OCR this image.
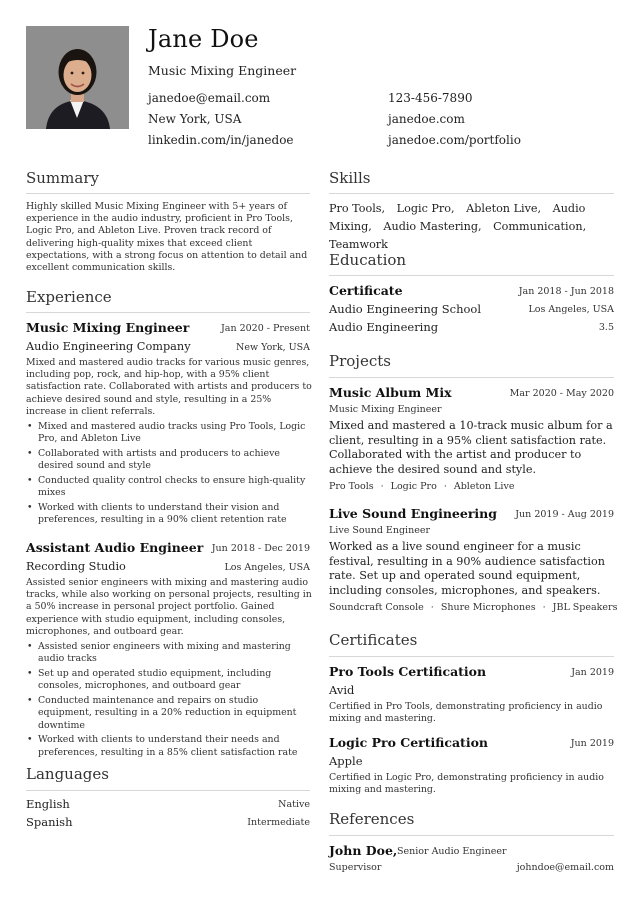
Jane Doe
Music Mixing Engineer
janedoe@email.com	123-456-7890
New York, USA	janedoe.com
linkedin.com/in/janedoe	janedoe.com/portfolio
Summary
Highly skilled Music Mixing Engineer with 5+ years of experience in the audio industry, proficient in Pro Tools, Logic Pro, and Ableton Live. Proven track record of delivering high-quality mixes that exceed client expectations, with a strong focus on attention to detail and excellent communication skills.
Experience
Music Mixing Engineer	Jan 2020 - Present
Audio Engineering Company	New York, USA
Mixed and mastered audio tracks for various music genres, including pop, rock, and hip-hop, with a 95% client satisfaction rate. Collaborated with artists and producers to achieve desired sound and style, resulting in a 25% increase in client referrals.
• Mixed and mastered audio tracks using Pro Tools, Logic Pro, and Ableton Live
• Collaborated with artists and producers to achieve desired sound and style
• Conducted quality control checks to ensure high-quality mixes
• Worked with clients to understand their vision and preferences, resulting in a 90% client retention rate
Assistant Audio Engineer Jun 2018 - Dec 2019
Recording Studio	Los Angeles, USA
Assisted senior engineers with mixing and mastering audio tracks, while also working on personal projects, resulting in a 50% increase in personal project portfolio. Gained experience with studio equipment, including consoles, microphones, and outboard gear.
• Assisted senior engineers with mixing and mastering audio tracks
• Set up and operated studio equipment, including consoles, microphones, and outboard gear
• Conducted maintenance and repairs on studio equipment, resulting in a 20% reduction in equipment downtime
• Worked with clients to understand their needs and preferences, resulting in a 85% client satisfaction rate
Languages
English	Native
Spanish	Intermediate
Skills
Pro Tools, Logic Pro, Ableton Live, Audio Mixing, Audio Mastering, Communication, Teamwork
Education
Certificate	Jan 2018 - Jun 2018
Audio Engineering School	Los Angeles, USA
Audio Engineering	3.5
Projects
Music Album Mix	Mar 2020 - May 2020
Music Mixing Engineer
Mixed and mastered a 10-track music album for a client, resulting in a 95% client satisfaction rate. Collaborated with the artist and producer to achieve the desired sound and style.
Pro Tools · Logic Pro · Ableton Live
Live Sound Engineering Jun 2019 - Aug 2019
Live Sound Engineer
Worked as a live sound engineer for a music festival, resulting in a 90% audience satisfaction rate. Set up and operated sound equipment, including consoles, microphones, and speakers.
Soundcraft Console · Shure Microphones · JBL Speakers
Certificates
Pro Tools Certification	Jan 2019
Avid
Certified in Pro Tools, demonstrating proficiency in audio mixing and mastering.
Logic Pro Certification	Jun 2019
Apple
Certified in Logic Pro, demonstrating proficiency in audio mixing and mastering.
References
John Doe, Senior Audio Engineer
Supervisor	johndoe@email.com
